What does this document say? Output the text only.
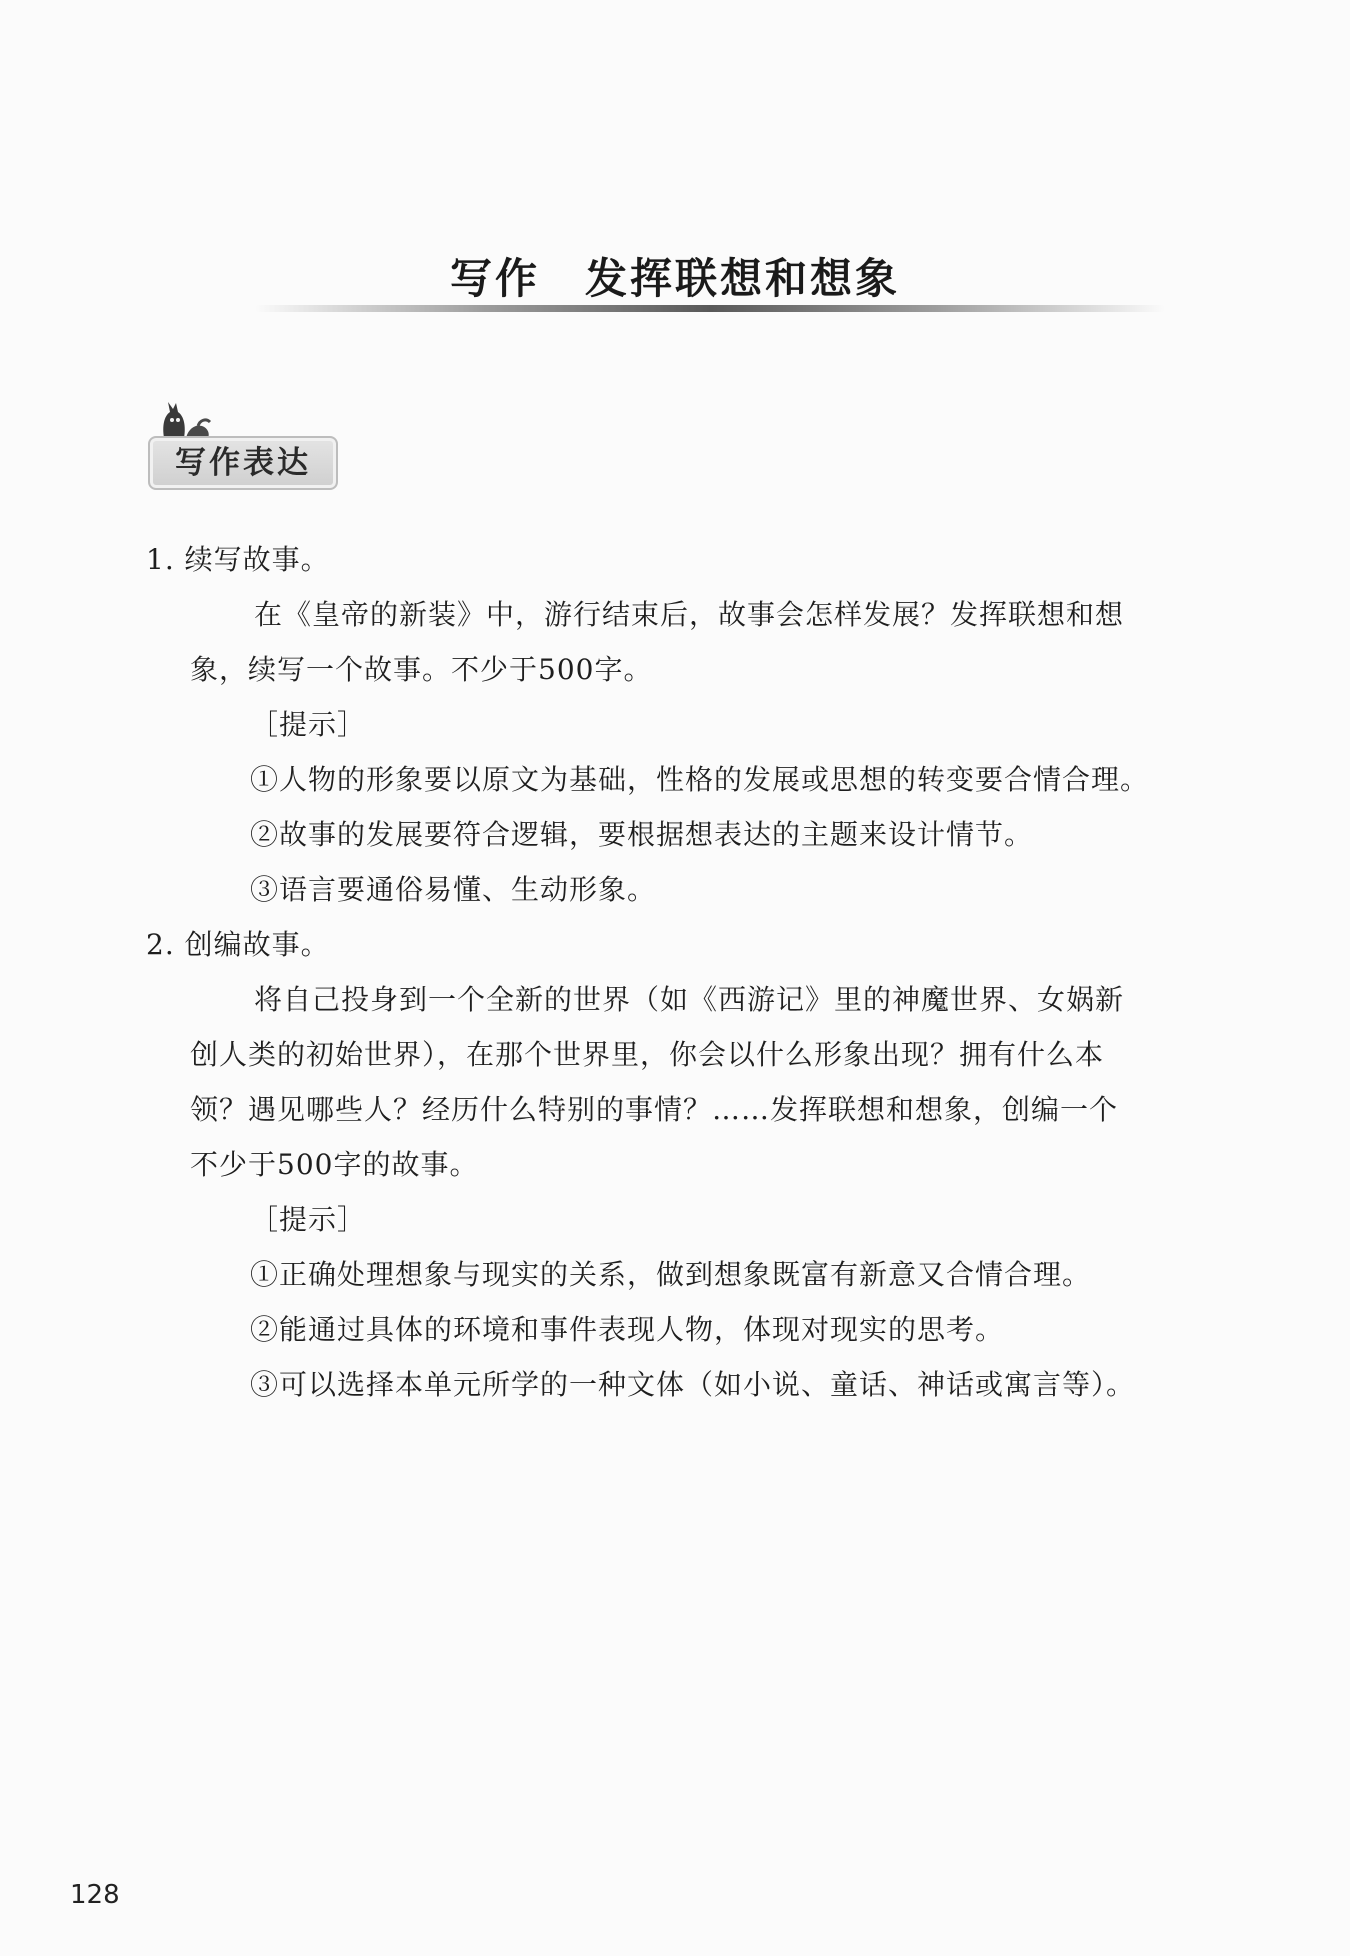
写作　发挥联想和想象
写作表达
1. 续写故事。
在《皇帝的新装》中，游行结束后，故事会怎样发展？发挥联想和想
象，续写一个故事。不少于500字。
［提示］
①人物的形象要以原文为基础，性格的发展或思想的转变要合情合理。
②故事的发展要符合逻辑，要根据想表达的主题来设计情节。
③语言要通俗易懂、生动形象。
2. 创编故事。
将自己投身到一个全新的世界（如《西游记》里的神魔世界、女娲新
创人类的初始世界），在那个世界里，你会以什么形象出现？拥有什么本
领？遇见哪些人？经历什么特别的事情？……发挥联想和想象，创编一个
不少于500字的故事。
［提示］
①正确处理想象与现实的关系，做到想象既富有新意又合情合理。
②能通过具体的环境和事件表现人物，体现对现实的思考。
③可以选择本单元所学的一种文体（如小说、童话、神话或寓言等）。
128
